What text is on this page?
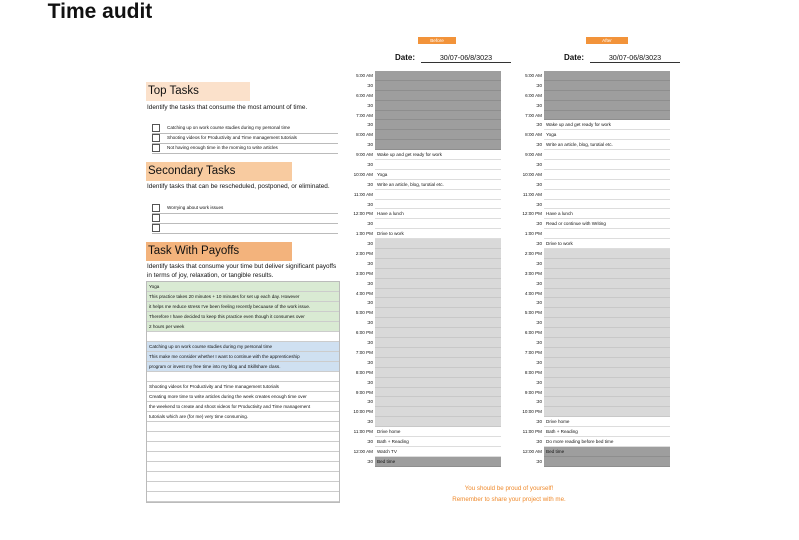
Time audit
Top Tasks
Identify the tasks that consume the most amount of time.
Catching up on work course studies during my personal time
Shooting videos for Productivity and Time management tutorials
Not having enough time in the morning to write articles
Secondary Tasks
Identify tasks that can be rescheduled, postponed, or eliminated.
Worrying about work issues
Task With Payoffs
Identify tasks that consume your time but deliver significant payoffs in terms of joy, relaxation, or tangible results.
Yoga
This practice takes 20 minutes + 10 minutes for set up each day. However
it helps me reduce stress I've been feeling recently becuause of the work issue.
Therefore I have decided to keep this practice even though it consumes over
2 hours per week
Catching up on work course studies during my personal time
This make me consider whether I want to continue with the apprenticeship
program or invest my free time into my blog and Skillshare class.
Shooting videos for Productivity and Time management tutorials
Creating more time to write articles during the week creates enough time over
the weekend to create and shoot videos for Productivity and Time management
tutorials which are (for me) very time consuming.
Before
Date:	30/07-06/8/3023
5:00 AM
:30
6:00 AM
:30
7:00 AM
:30
8:00 AM
:30
9:00 AM Wake up and get ready for work
:30
10:00 AM Yoga
:30 Write an article, blog, turotial etc.
11:00 AM
:30
12:00 PM Have a lunch
:30
1:00 PM Drive to work
:30
2:00 PM
:30
3:00 PM
:30
4:00 PM
:30
5:00 PM
:30
6:00 PM
:30
7:00 PM
:30
8:00 PM
:30
9:00 PM
:30
10:00 PM
:30
11:00 PM Drive home
:30 Bath + Reading
12:00 AM Watch TV
:30 Bed time
After
Date:	30/07-06/8/3023
5:00 AM
:30
6:00 AM
:30
7:00 AM
:30 Wake up and get ready for work
8:00 AM Yoga
:30 Write an article, blog, turotial etc.
9:00 AM
:30
10:00 AM
:30
11:00 AM
:30
12:00 PM Have a lunch
:30 Read or continue with Writing
1:00 PM
:30 Drive to work
2:00 PM
:30
3:00 PM
:30
4:00 PM
:30
5:00 PM
:30
6:00 PM
:30
7:00 PM
:30
8:00 PM
:30
9:00 PM
:30
10:00 PM
:30 Drive home
11:00 PM Bath + Reading
:30 Do more reading before bed time
12:00 AM Bed time
:30
You should be proud of yourself!
Remember to share your project with me.
